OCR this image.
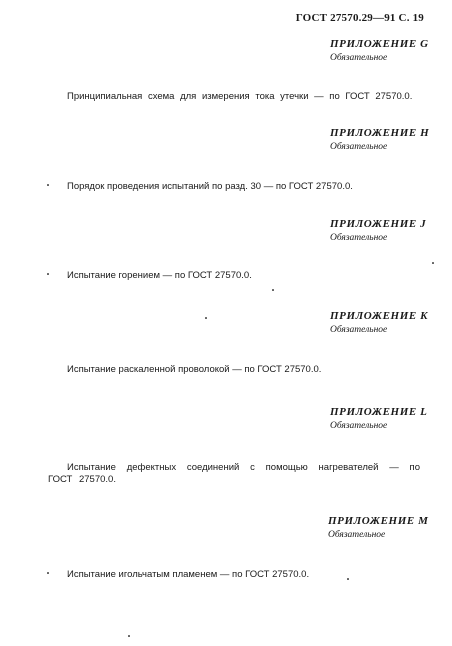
ГОСТ 27570.29—91 С. 19
ПРИЛОЖЕНИЕ G
Обязательное
Принципиальная схема для измерения тока утечки — по ГОСТ 27570.0.
ПРИЛОЖЕНИЕ H
Обязательное
Порядок проведения испытаний по разд. 30 — по ГОСТ 27570.0.
ПРИЛОЖЕНИЕ J
Обязательное
Испытание горением — по ГОСТ 27570.0.
ПРИЛОЖЕНИЕ K
Обязательное
Испытание раскаленной проволокой — по ГОСТ 27570.0.
ПРИЛОЖЕНИЕ L
Обязательное
Испытание дефектных соединений с помощью нагревателей — по ГОСТ 27570.0.
ПРИЛОЖЕНИЕ M
Обязательное
Испытание игольчатым пламенем — по ГОСТ 27570.0.
